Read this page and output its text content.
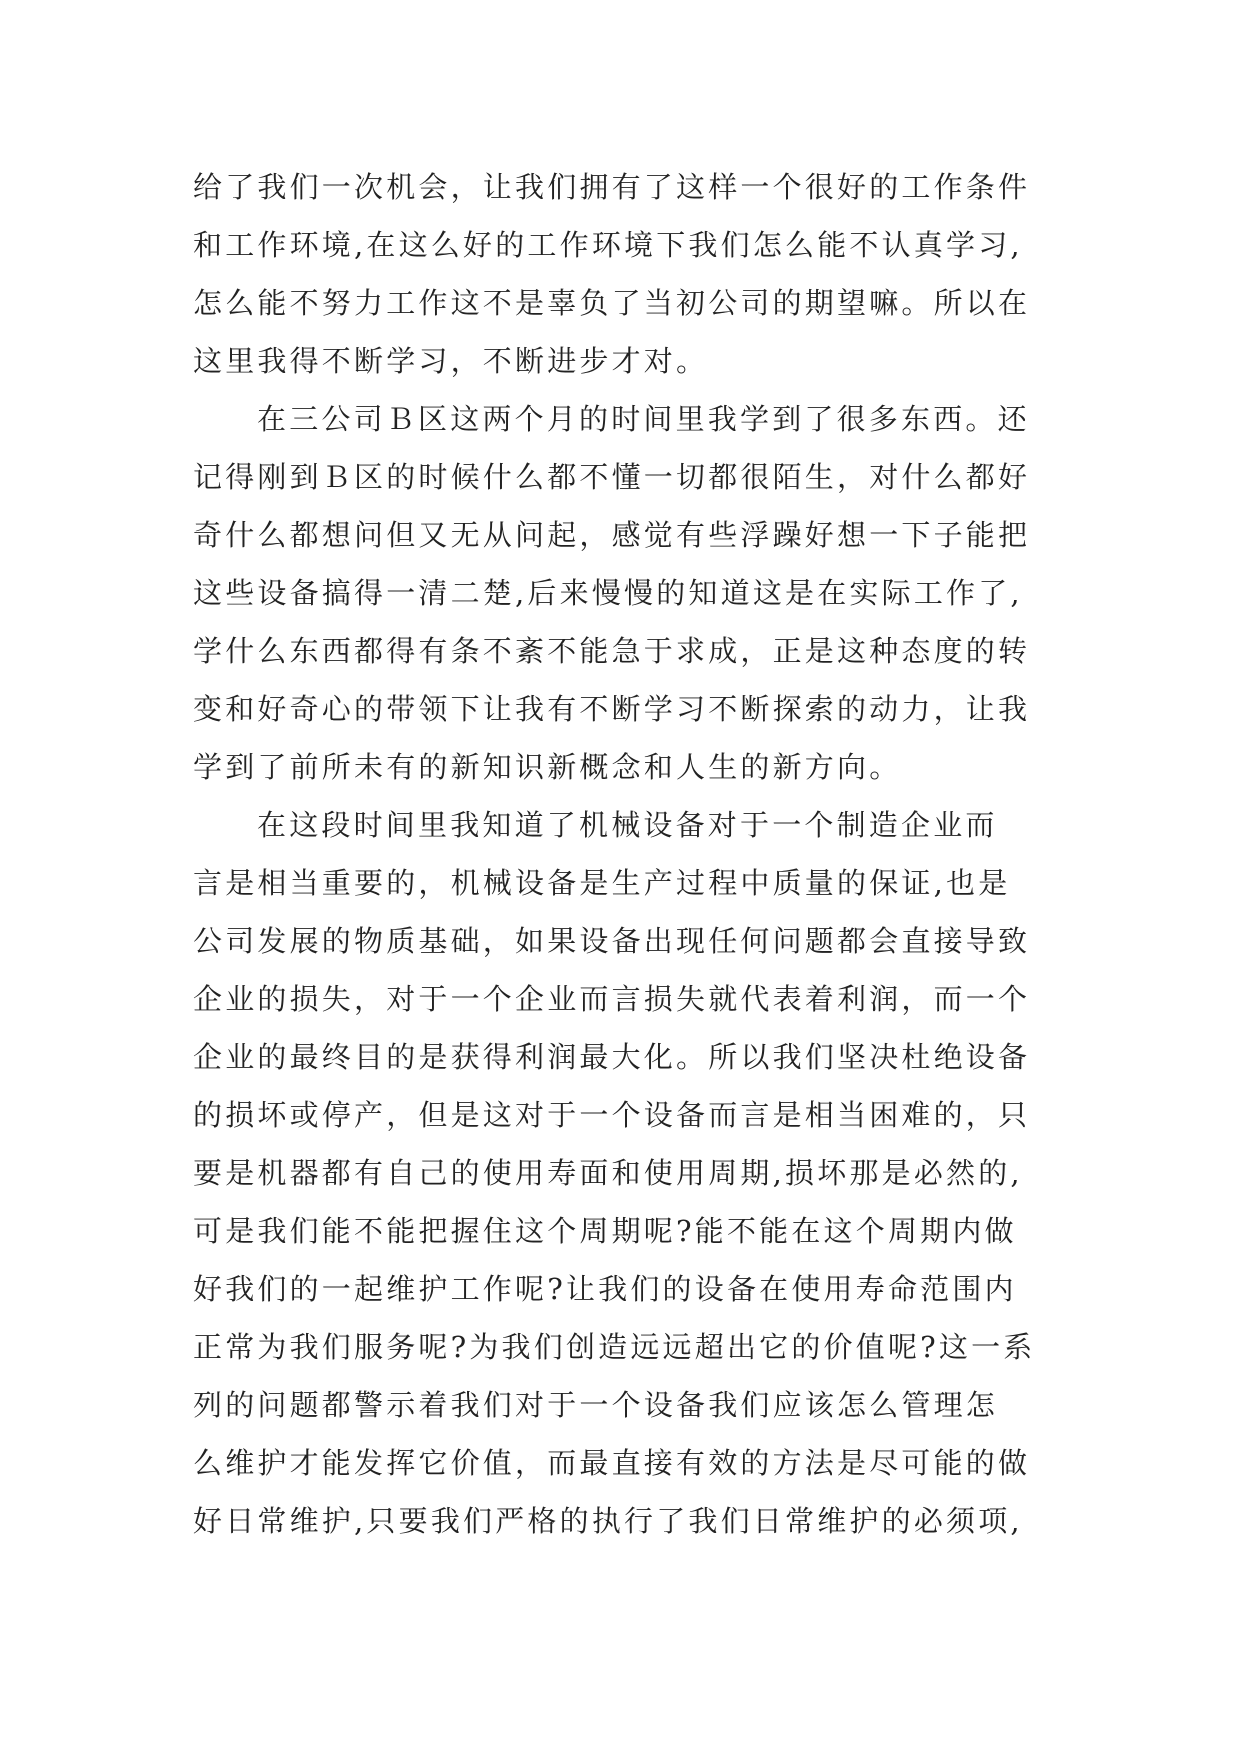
给了我们一次机会，让我们拥有了这样一个很好的工作条件
和工作环境,在这么好的工作环境下我们怎么能不认真学习,
怎么能不努力工作这不是辜负了当初公司的期望嘛。所以在
这里我得不断学习，不断进步才对。
在三公司Ｂ区这两个月的时间里我学到了很多东西。还
记得刚到Ｂ区的时候什么都不懂一切都很陌生，对什么都好
奇什么都想问但又无从问起，感觉有些浮躁好想一下子能把
这些设备搞得一清二楚,后来慢慢的知道这是在实际工作了,
学什么东西都得有条不紊不能急于求成，正是这种态度的转
变和好奇心的带领下让我有不断学习不断探索的动力，让我
学到了前所未有的新知识新概念和人生的新方向。
在这段时间里我知道了机械设备对于一个制造企业而
言是相当重要的，机械设备是生产过程中质量的保证,也是
公司发展的物质基础，如果设备出现任何问题都会直接导致
企业的损失，对于一个企业而言损失就代表着利润，而一个
企业的最终目的是获得利润最大化。所以我们坚决杜绝设备
的损坏或停产，但是这对于一个设备而言是相当困难的，只
要是机器都有自己的使用寿面和使用周期,损坏那是必然的,
可是我们能不能把握住这个周期呢?能不能在这个周期内做
好我们的一起维护工作呢?让我们的设备在使用寿命范围内
正常为我们服务呢?为我们创造远远超出它的价值呢?这一系
列的问题都警示着我们对于一个设备我们应该怎么管理怎
么维护才能发挥它价值，而最直接有效的方法是尽可能的做
好日常维护,只要我们严格的执行了我们日常维护的必须项,
